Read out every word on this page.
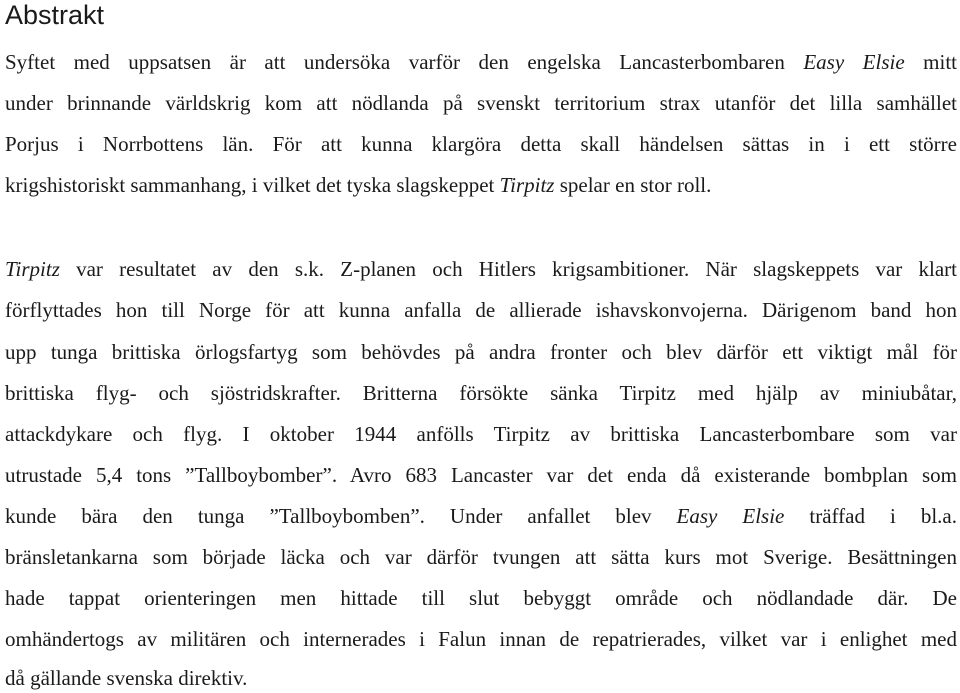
Abstrakt
Syftet med uppsatsen är att undersöka varför den engelska Lancasterbombaren Easy Elsie mitt
under brinnande världskrig kom att nödlanda på svenskt territorium strax utanför det lilla samhället
Porjus i Norrbottens län. För att kunna klargöra detta skall händelsen sättas in i ett större
krigshistoriskt sammanhang, i vilket det tyska slagskeppet Tirpitz spelar en stor roll.
Tirpitz var resultatet av den s.k. Z-planen och Hitlers krigsambitioner. När slagskeppets var klart
förflyttades hon till Norge för att kunna anfalla de allierade ishavskonvojerna. Därigenom band hon
upp tunga brittiska örlogsfartyg som behövdes på andra fronter och blev därför ett viktigt mål för
brittiska flyg- och sjöstridskrafter. Britterna försökte sänka Tirpitz med hjälp av miniubåtar,
attackdykare och flyg. I oktober 1944 anfölls Tirpitz av brittiska Lancasterbombare som var
utrustade 5,4 tons ”Tallboybomber”. Avro 683 Lancaster var det enda då existerande bombplan som
kunde bära den tunga ”Tallboybomben”. Under anfallet blev Easy Elsie träffad i bl.a.
bränsletankarna som började läcka och var därför tvungen att sätta kurs mot Sverige. Besättningen
hade tappat orienteringen men hittade till slut bebyggt område och nödlandade där. De
omhändertogs av militären och internerades i Falun innan de repatrierades, vilket var i enlighet med
då gällande svenska direktiv.
